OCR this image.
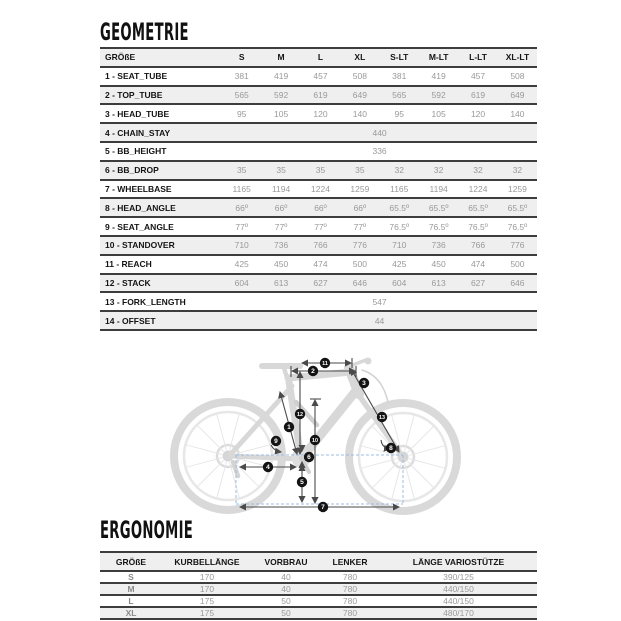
GEOMETRIE
GRÖßE	S	M	L	XL	S-LT	M-LT	L-LT	XL-LT
1 - SEAT_TUBE	381	419	457	508	381	419	457	508
2 - TOP_TUBE	565	592	619	649	565	592	619	649
3 - HEAD_TUBE	95	105	120	140	95	105	120	140
4 - CHAIN_STAY	440							
5 - BB_HEIGHT	336							
6 - BB_DROP	35	35	35	35	32	32	32	32
7 - WHEELBASE	1165	1194	1224	1259	1165	1194	1224	1259
8 - HEAD_ANGLE	66º	66º	66º	66º	65.5º	65.5º	65.5º	65.5º
9 - SEAT_ANGLE	77º	77º	77º	77º	76.5º	76.5º	76.5º	76.5º
10 - STANDOVER	710	736	766	776	710	736	766	776
11 - REACH	425	450	474	500	425	450	474	500
12 - STACK	604	613	627	646	604	613	627	646
13 - FORK_LENGTH	547							
14 - OFFSET	44							
11
2
3
12
1
9	10
13
8
6
4
5
7
ERGONOMIE
GRÖßE	KURBELLÄNGE	VORBRAU	LENKER	LÄNGE VARIOSTÜTZE
S	170	40	780	390/125
M	170	40	780	440/150
L	175	50	780	440/150
XL	175	50	780	480/170
